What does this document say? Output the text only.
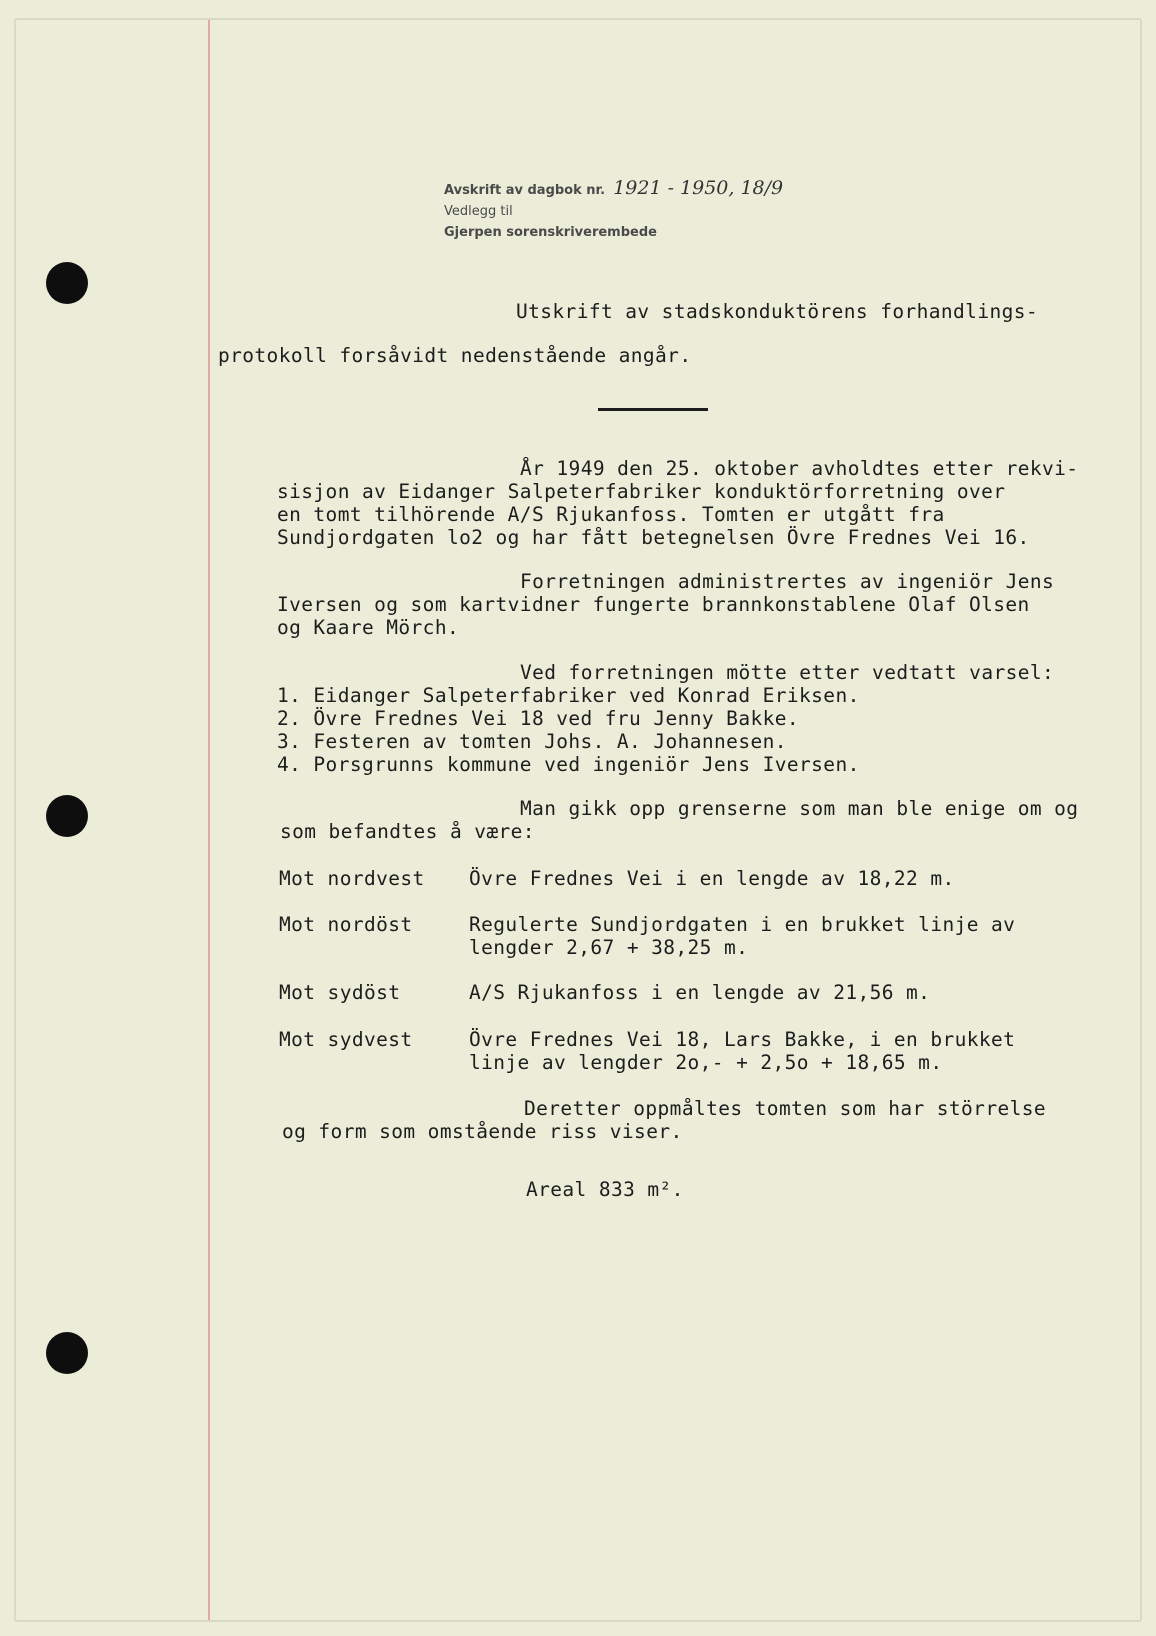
Avskrift av dagbok nr. 1921 - 1950, 18/9
Vedlegg til
Gjerpen sorenskriverembede
Utskrift av stadskonduktörens forhandlings-
protokoll forsåvidt nedenstående angår.
År 1949 den 25. oktober avholdtes etter rekvi-
sisjon av Eidanger Salpeterfabriker konduktörforretning over
en tomt tilhörende A/S Rjukanfoss. Tomten er utgått fra
Sundjordgaten lo2 og har fått betegnelsen Övre Frednes Vei 16.
Forretningen administrertes av ingeniör Jens
Iversen og som kartvidner fungerte brannkonstablene Olaf Olsen
og Kaare Mörch.
Ved forretningen mötte etter vedtatt varsel:
1. Eidanger Salpeterfabriker ved Konrad Eriksen.
2. Övre Frednes Vei 18 ved fru Jenny Bakke.
3. Festeren av tomten Johs. A. Johannesen.
4. Porsgrunns kommune ved ingeniör Jens Iversen.
Man gikk opp grenserne som man ble enige om og
som befandtes å være:
Mot nordvest Övre Frednes Vei i en lengde av 18,22 m.
Mot nordöst	Regulerte Sundjordgaten i en brukket linje av
lengder 2,67 + 38,25 m.
Mot sydöst	A/S Rjukanfoss i en lengde av 21,56 m.
Mot sydvest	Övre Frednes Vei 18, Lars Bakke, i en brukket
linje av lengder 2o,- + 2,5o + 18,65 m.
Deretter oppmåltes tomten som har störrelse
og form som omstående riss viser.
Areal 833 m².
